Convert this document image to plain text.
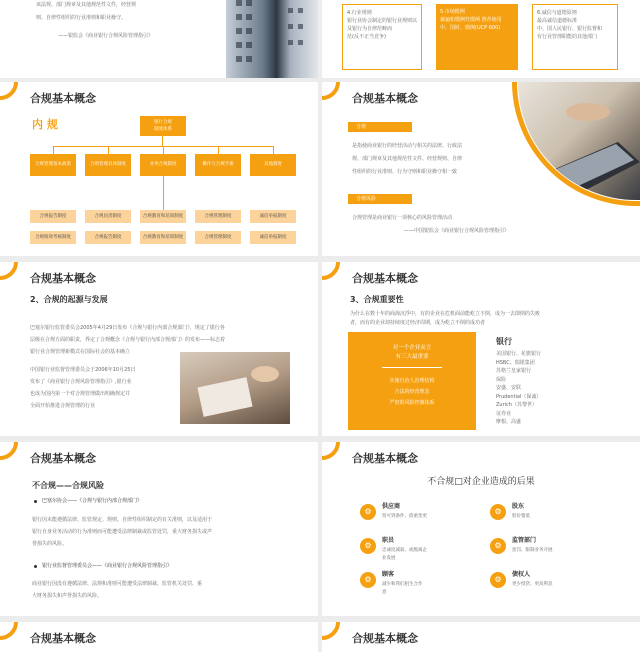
该法规、部门规章及其他规范性文件，经营规
则、自律性组织的行业准则和职业操守。
——银监会《商业银行合规风险管理指引》
4.行业规则
银行业协会制定的银行业规则以及银行为自律范畴而
范(反不正当竞争)
5.市场惯例
被遍如惯例性惯例 推荐使用
中、国时、惯例(UCP 600)
6.诚信与道德原则
最高诚信道德标准
中、国人民银行、银行监督和
有行业管理职能的其他部门
合规基本概念
内 规	银行合规
制度体系
合规管理基本政策	合规管理具体制度	业务合规制度	操作与合规手册	其他制度
合规报告制度	合规问责制度	合规教育和培训制度	合规管理制度	诚信举报制度
合规绩效考核制度	合规报告制度	合规教育和培训制度	合规管理制度	诚信举报制度
合规基本概念
合规
是指使商业银行的经营活动与相关的法律、行政法
规、部门规章及其他规范性文件、经营规则、自律
性组织的行业准则、行为守则和职业操守相一致
合规风险
合规管理是商业银行一项核心的风险管理活动
——中国银监会《商业银行合规风险管理指引》
合规基本概念
2、合规的起源与发展
巴塞尔银行监管委员会2005年4月29日发布《合规与银行内部合规部门》，规定了银行各
层级在合规方面的职责，界定了合规概念《合规与银行内部合规部门》的发布——标志着
银行业合规管理新模式在国际社会的基本确立
中国银行业监督管理委员会于2006年10月25日
发布了《商业银行合规风险管理指引》,银行业
也成为国内第一个对合规管理做出明确规定并
全面开始推进合规管理的行业
合规基本概念
3、合规重要性
为什么在数十年的商海沉浮中，有的企业在危机面前能屹立不倒，成为一去即倒的失败
者，而有的企业却持续度过经济周期，成为屹立不倒的成功者
对一个企业而言
有三大最重要
实施自治人治理结构
合法的经营理念
严密的风险控制体系
银行
美国银行、花旗银行
HSBC、瑞银集团
苏格兰皇家银行
保险
安盛、安联
Prudential（保诚）
Zurich（苏黎世）
证券业
摩根、高盛
合规基本概念
不合规——合规风险
巴塞尔协会——《合规与银行内部合规部门》
银行因未能遵循法律、监管规定、规则、自律性组织制定的有关准则，以及适用于
银行自身业务活动的行为准则而可能遭受法律制裁或监管处罚，重大财务损失或声
誉损失的风险。
银行业监督管理委员会——《商业银行合规风险管理指引》
商业银行因没有遵循法律、法规和准则可能遭受法律制裁、监管机关处罚、重
大财务损失和声誉损失的风险。
合规基本概念
不合规□对企业造成的后果
⚙
供应商
贸可到条件、债重变更
⚙
股东
股价猪低
⚙
职员
忠诚度减弱、或脱离企
业发展
⚙
监管部门
惩罚、限制业务开展
⚙
顾客
减少和我们租生合作
意
⚙
债权人
更少授贷、更高利息
合规基本概念	合规基本概念
